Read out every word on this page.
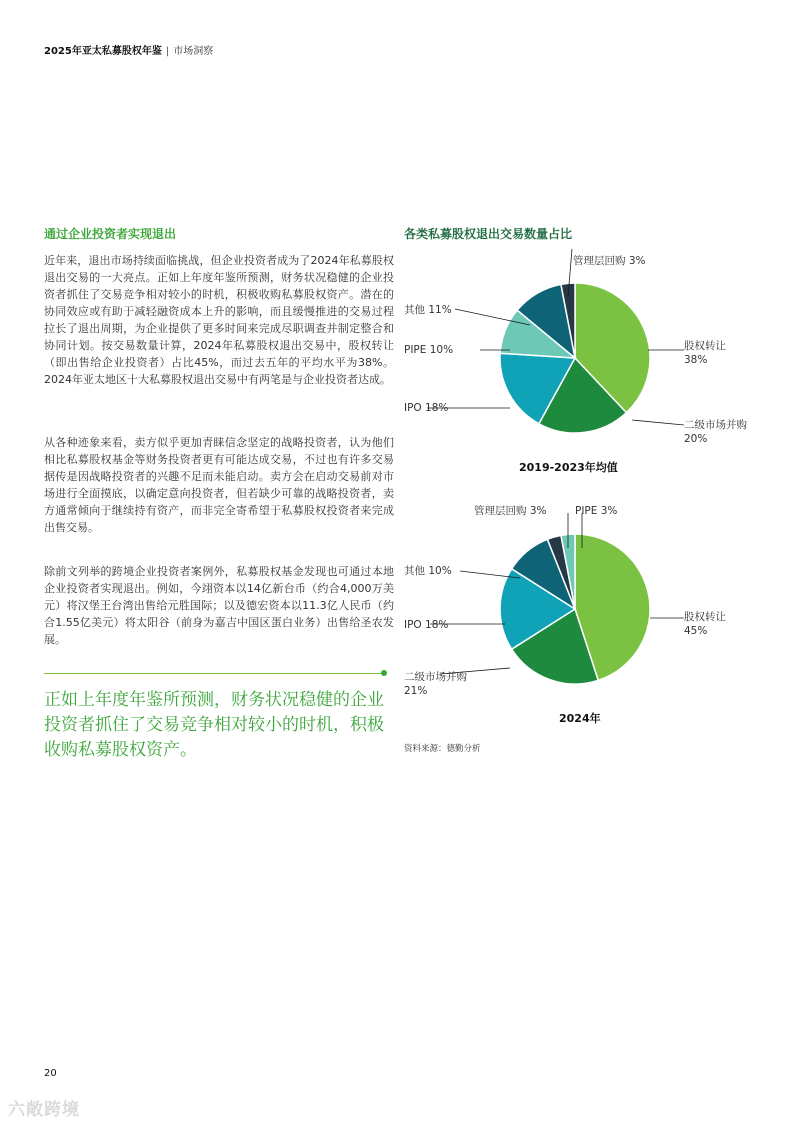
2025年亚太私募股权年鉴 | 市场洞察
通过企业投资者实现退出

近年来，退出市场持续面临挑战，但企业投资者成为了2024年私募股权退出交易的一大亮点。正如上年度年鉴所预测，财务状况稳健的企业投资者抓住了交易竞争相对较小的时机，积极收购私募股权资产。潜在的协同效应或有助于减轻融资成本上升的影响，而且缓慢推进的交易过程拉长了退出周期，为企业提供了更多时间来完成尽职调查并制定整合和协同计划。按交易数量计算，2024年私募股权退出交易中，股权转让（即出售给企业投资者）占比45%，而过去五年的平均水平为38%。2024年亚太地区十大私募股权退出交易中有两笔是与企业投资者达成。

从各种迹象来看，卖方似乎更加青睐信念坚定的战略投资者，认为他们相比私募股权基金等财务投资者更有可能达成交易，不过也有许多交易据传是因战略投资者的兴趣不足而未能启动。卖方会在启动交易前对市场进行全面摸底，以确定意向投资者，但若缺少可靠的战略投资者，卖方通常倾向于继续持有资产，而非完全寄希望于私募股权投资者来完成出售交易。

除前文列举的跨境企业投资者案例外，私募股权基金发现也可通过本地企业投资者实现退出。例如，今翊资本以14亿新台币（约合4,000万美元）将汉堡王台湾出售给元胜国际；以及德宏资本以11.3亿人民币（约合1.55亿美元）将太阳谷（前身为嘉吉中国区蛋白业务）出售给圣农发展。

正如上年度年鉴所预测，财务状况稳健的企业投资者抓住了交易竞争相对较小的时机，积极收购私募股权资产。

各类私募股权退出交易数量占比
2019-2023年均值
管理层回购 3%
其他 11%
PIPE 10%
IPO 18%
股权转让
38%
二级市场并购
20%
2024年
管理层回购 3%	PIPE 3%
其他 10%
IPO 18%
股权转让
45%
二级市场并购
21%
资料来源：德勤分析
20
六敞跨境
